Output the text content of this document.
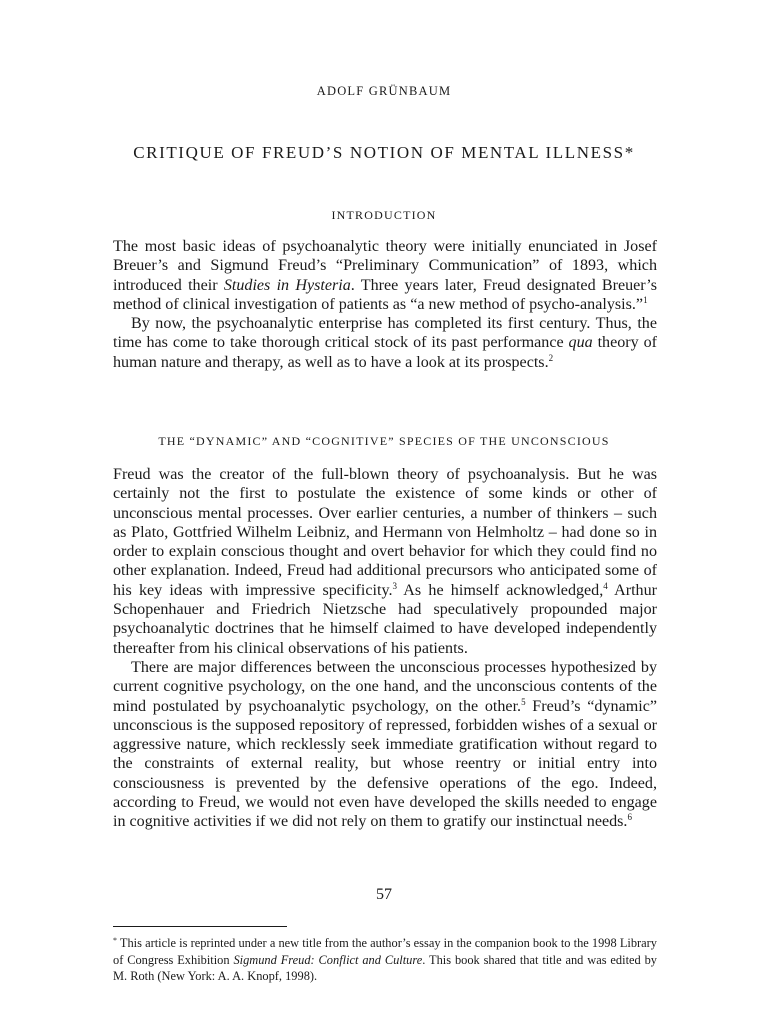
ADOLF GRÜNBAUM
CRITIQUE OF FREUD’S NOTION OF MENTAL ILLNESS*
INTRODUCTION

The most basic ideas of psychoanalytic theory were initially enunciated in Josef Breuer’s and Sigmund Freud’s “Preliminary Communication” of 1893, which introduced their Studies in Hysteria. Three years later, Freud designated Breuer’s method of clinical investigation of patients as “a new method of psycho-analysis.”$^1$

By now, the psychoanalytic enterprise has completed its first century. Thus, the time has come to take thorough critical stock of its past performance qua theory of human nature and therapy, as well as to have a look at its prospects.$^2$

THE “DYNAMIC” AND “COGNITIVE” SPECIES OF THE UNCONSCIOUS

Freud was the creator of the full-blown theory of psychoanalysis. But he was certainly not the first to postulate the existence of some kinds or other of unconscious mental processes. Over earlier centuries, a number of thinkers – such as Plato, Gottfried Wilhelm Leibniz, and Hermann von Helmholtz – had done so in order to explain conscious thought and overt behavior for which they could find no other explanation. Indeed, Freud had additional precursors who anticipated some of his key ideas with impressive specificity.$^3$ As he himself acknowledged,$^4$ Arthur Schopenhauer and Friedrich Nietzsche had speculatively propounded major psychoanalytic doctrines that he himself claimed to have developed independently thereafter from his clinical observations of his patients.

There are major differences between the unconscious processes hypothesized by current cognitive psychology, on the one hand, and the unconscious contents of the mind postulated by psychoanalytic psychology, on the other.$^5$ Freud’s “dynamic” unconscious is the supposed repository of repressed, forbidden wishes of a sexual or aggressive nature, which recklessly seek immediate gratification without regard to the constraints of external reality, but whose reentry or initial entry into consciousness is prevented by the defensive operations of the ego. Indeed, according to Freud, we would not even have developed the skills needed to engage in cognitive activities if we did not rely on them to gratify our instinctual needs.$^6$

57
* This article is reprinted under a new title from the author’s essay in the companion book to the 1998 Library of Congress Exhibition Sigmund Freud: Conflict and Culture. This book shared that title and was edited by M. Roth (New York: A. A. Knopf, 1998).
